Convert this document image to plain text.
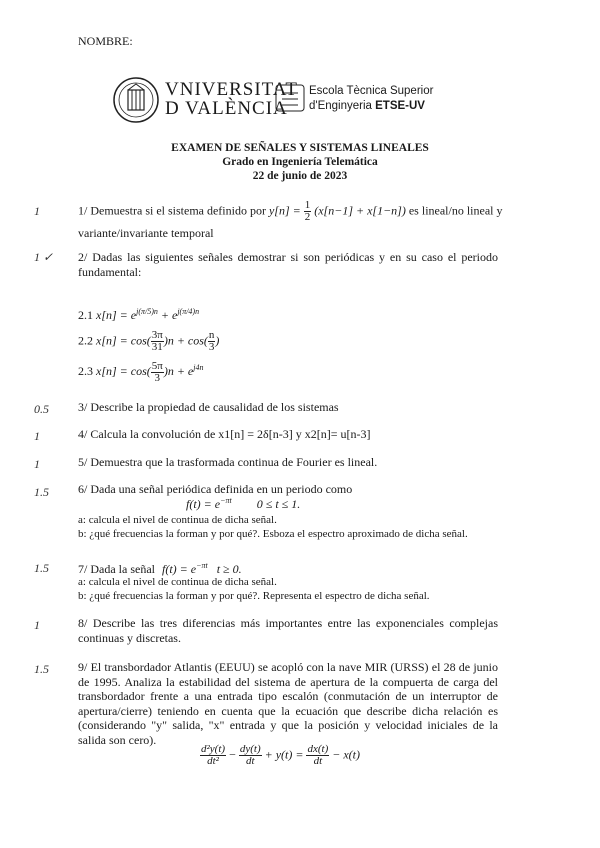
NOMBRE:
VNIVERSITAT
D VALÈNCIA
Escola Tècnica Superior
d'Enginyeria ETSE-UV
EXAMEN DE SEÑALES Y SISTEMAS LINEALES
Grado en Ingeniería Telemática
22 de junio de 2023
1	1/ Demuestra si el sistema definido por $y[n] = \frac{1}{2} (x[n-1] + x[1-n])$ es lineal/no lineal y
variante/invariante temporal
1 ✓ 2/ Dadas las siguientes señales demostrar si son periódicas y en su caso el periodo fundamental:
2.1 $x[n] = e^{j(\pi/5)n} + e^{j(\pi/4)n}$
2.2 $x[n] = \cos( \frac{3\pi}{31} )n + \cos( \frac{n}{3}$ )
2.3 $x[n] = \cos( \frac{5\pi}{3} )n + e^{j4n}$
0.5 3/ Describe la propiedad de causalidad de los sistemas
1	4/ Calcula la convolución de x1[n] = 2δ[n-3] y x2[n]= u[n-3]
1	5/ Demuestra que la trasformada continua de Fourier es lineal.
1.5 6/ Dada una señal periódica definida en un periodo como
$f(t) = e^{-\pi t}$ 0 ≤ t ≤ 1.
a: calcula el nivel de continua de dicha señal.
b: ¿qué frecuencias la forman y por qué?. Esboza el espectro aproximado de dicha señal.
1.5 7/ Dada la señal $f(t) = e^{-\pi t}$ t ≥ 0.
a: calcula el nivel de continua de dicha señal.
b: ¿qué frecuencias la forman y por qué?. Representa el espectro de dicha señal.
1	8/ Describe las tres diferencias más importantes entre las exponenciales complejas continuas y discretas.
1.5 9/ El transbordador Atlantis (EEUU) se acopló con la nave MIR (URSS) el 28 de junio de 1995. Analiza la estabilidad del sistema de apertura de la compuerta de carga del transbordador frente a una entrada tipo escalón (conmutación de un interruptor de apertura/cierre) teniendo en cuenta que la ecuación que describe dicha relación es (considerando "y" salida, "x" entrada y que la posición y velocidad iniciales de la salida son cero).
$\frac{\text{d²y(t)}}{\text{dt²}} - \frac{dy(t)}{dt} + y(t) = \frac{dx(t)}{dt} - x(t)$
